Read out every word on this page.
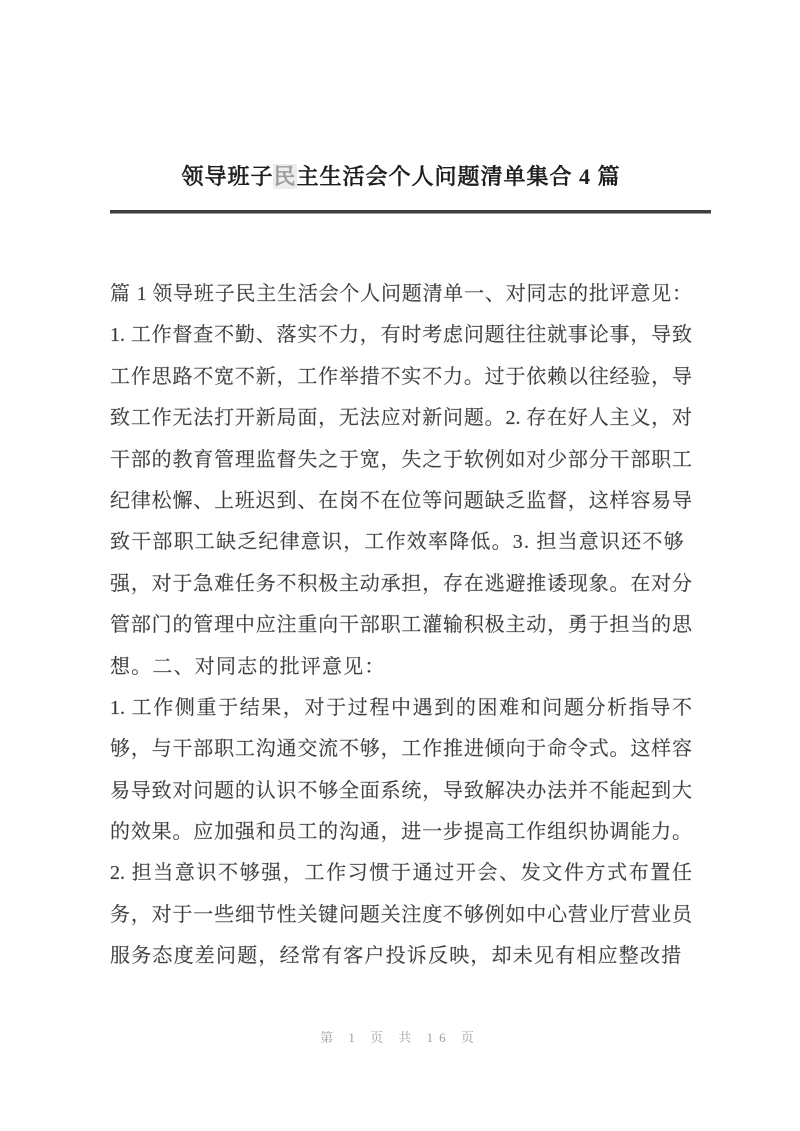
领导班子民主生活会个人问题清单集合 4 篇
篇 1 领导班子民主生活会个人问题清单一、对同志的批评意见：
1. 工作督查不勤、落实不力，有时考虑问题往往就事论事，导致
工作思路不宽不新，工作举措不实不力。过于依赖以往经验，导
致工作无法打开新局面，无法应对新问题。2. 存在好人主义，对
干部的教育管理监督失之于宽，失之于软例如对少部分干部职工
纪律松懈、上班迟到、在岗不在位等问题缺乏监督，这样容易导
致干部职工缺乏纪律意识，工作效率降低。3. 担当意识还不够
强，对于急难任务不积极主动承担，存在逃避推诿现象。在对分
管部门的管理中应注重向干部职工灌输积极主动，勇于担当的思
想。二、对同志的批评意见：
1. 工作侧重于结果，对于过程中遇到的困难和问题分析指导不
够，与干部职工沟通交流不够，工作推进倾向于命令式。这样容
易导致对问题的认识不够全面系统，导致解决办法并不能起到大
的效果。应加强和员工的沟通，进一步提高工作组织协调能力。
2. 担当意识不够强，工作习惯于通过开会、发文件方式布置任
务，对于一些细节性关键问题关注度不够例如中心营业厅营业员
服务态度差问题，经常有客户投诉反映，却未见有相应整改措
第 1 页 共 16 页
